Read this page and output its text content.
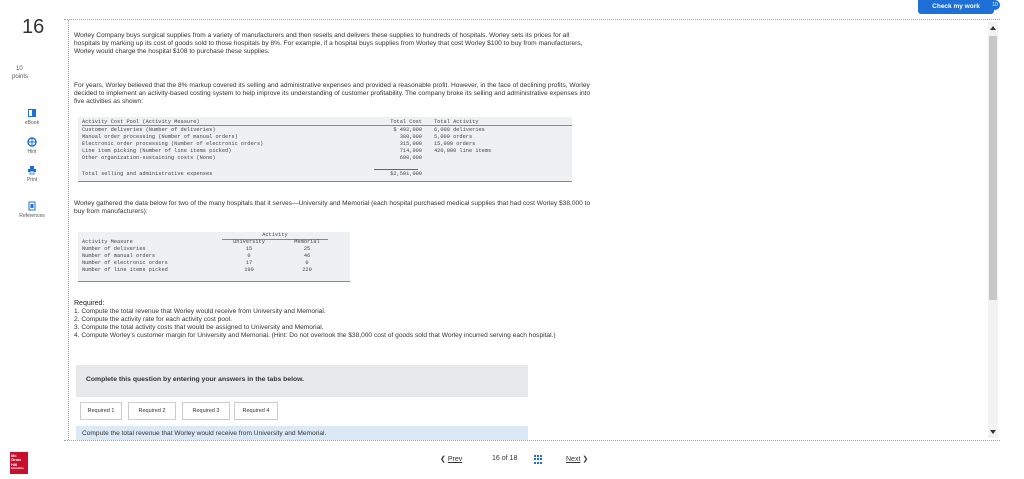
Check my work	10
16
10
points
eBook
Hint
Print
References
Worley Company buys surgical supplies from a variety of manufacturers and then resells and delivers these supplies to hundreds of hospitals. Worley sets its prices for all hospitals by marking up its cost of goods sold to those hospitals by 8%. For example, if a hospital buys supplies from Worley that cost Worley $100 to buy from manufacturers, Worley would charge the hospital $108 to purchase these supplies.
For years, Worley believed that the 8% markup covered its selling and administrative expenses and provided a reasonable profit. However, in the face of declining profits, Worley decided to implement an activity-based costing system to help improve its understanding of customer profitability. The company broke its selling and administrative expenses into five activities as shown:
Activity Cost Pool (Activity Measure)	Total Cost Total Activity
Customer deliveries (Number of deliveries)	$ 492,000 6,000 deliveries
Manual order processing (Number of manual orders)	380,000 5,000 orders
Electronic order processing (Number of electronic orders)	315,000 15,000 orders
Line item picking (Number of line items picked)	714,000 420,000 line items
Other organization-sustaining costs (None)	600,000
Total selling and administrative expenses	$2,501,000
Worley gathered the data below for two of the many hospitals that it serves—University and Memorial (each hospital purchased medical supplies that had cost Worley $38,000 to buy from manufacturers):
Activity
Activity Measure	University	Memorial
Number of deliveries	15	25
Number of manual orders	0	46
Number of electronic orders	17	0
Number of line items picked	190	220
Required:
1. Compute the total revenue that Worley would receive from University and Memorial.
2. Compute the activity rate for each activity cost pool.
3. Compute the total activity costs that would be assigned to University and Memorial.
4. Compute Worley’s customer margin for University and Memorial. (Hint: Do not overlook the $38,000 cost of goods sold that Worley incurred serving each hospital.)
Complete this question by entering your answers in the tabs below.
Required 1	Required 2	Required 3	Required 4
Compute the total revenue that Worley would receive from University and Memorial.
❮ Prev	16 of 18	Next ❯
Mc
Graw
Hill
Education
